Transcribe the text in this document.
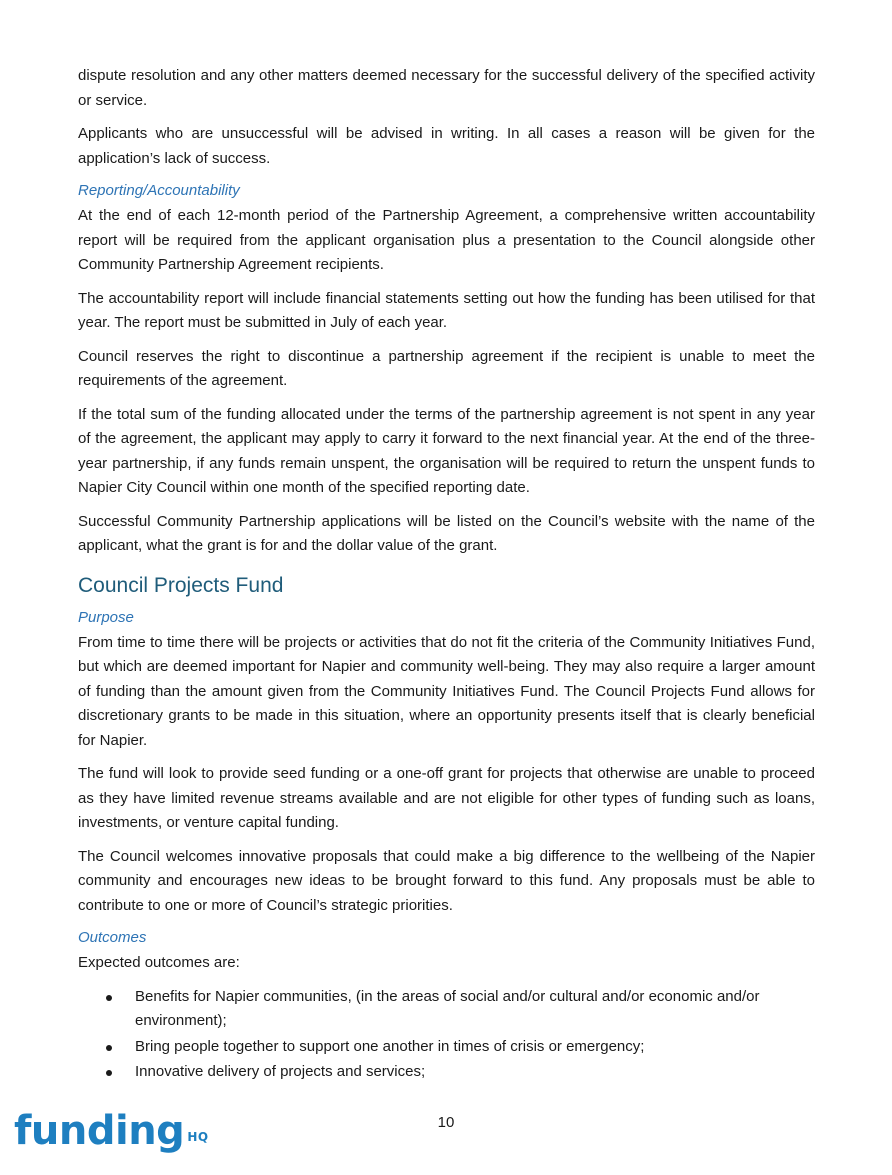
dispute resolution and any other matters deemed necessary for the successful delivery of the specified activity or service.

Applicants who are unsuccessful will be advised in writing. In all cases a reason will be given for the application’s lack of success.

Reporting/Accountability

At the end of each 12-month period of the Partnership Agreement, a comprehensive written accountability report will be required from the applicant organisation plus a presentation to the Council alongside other Community Partnership Agreement recipients.

The accountability report will include financial statements setting out how the funding has been utilised for that year. The report must be submitted in July of each year.

Council reserves the right to discontinue a partnership agreement if the recipient is unable to meet the requirements of the agreement.

If the total sum of the funding allocated under the terms of the partnership agreement is not spent in any year of the agreement, the applicant may apply to carry it forward to the next financial year. At the end of the three-year partnership, if any funds remain unspent, the organisation will be required to return the unspent funds to Napier City Council within one month of the specified reporting date.

Successful Community Partnership applications will be listed on the Council’s website with the name of the applicant, what the grant is for and the dollar value of the grant.

Council Projects Fund
Purpose

From time to time there will be projects or activities that do not fit the criteria of the Community Initiatives Fund, but which are deemed important for Napier and community well-being. They may also require a larger amount of funding than the amount given from the Community Initiatives Fund. The Council Projects Fund allows for discretionary grants to be made in this situation, where an opportunity presents itself that is clearly beneficial for Napier.

The fund will look to provide seed funding or a one-off grant for projects that otherwise are unable to proceed as they have limited revenue streams available and are not eligible for other types of funding such as loans, investments, or venture capital funding.

The Council welcomes innovative proposals that could make a big difference to the wellbeing of the Napier community and encourages new ideas to be brought forward to this fund. Any proposals must be able to contribute to one or more of Council’s strategic priorities.

Outcomes

Expected outcomes are:

Benefits for Napier communities, (in the areas of social and/or cultural and/or economic and/or environment);
Bring people together to support one another in times of crisis or emergency;
Innovative delivery of projects and services;
funding $^{HQ}$
10
